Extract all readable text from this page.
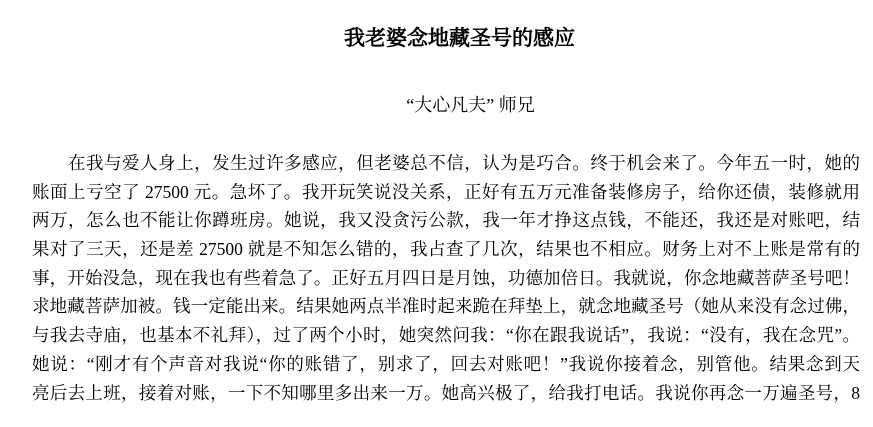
我老婆念地藏圣号的感应
“大心凡夫” 师兄
在我与爱人身上，发生过许多感应，但老婆总不信，认为是巧合。终于机会来了。今年五一时，她的
账面上亏空了 27500 元。急坏了。我开玩笑说没关系，正好有五万元准备装修房子，给你还债，装修就用
两万，怎么也不能让你蹲班房。她说，我又没贪污公款，我一年才挣这点钱，不能还，我还是对账吧，结
果对了三天，还是差 27500 就是不知怎么错的，我占查了几次，结果也不相应。财务上对不上账是常有的
事，开始没急，现在我也有些着急了。正好五月四日是月蚀，功德加倍日。我就说，你念地藏菩萨圣号吧！
求地藏菩萨加被。钱一定能出来。结果她两点半准时起来跪在拜垫上，就念地藏圣号（她从来没有念过佛，
与我去寺庙，也基本不礼拜），过了两个小时，她突然问我：“你在跟我说话”，我说：“没有，我在念咒”。
她说：“刚才有个声音对我说“你的账错了，别求了，回去对账吧！”我说你接着念，别管他。结果念到天
亮后去上班，接着对账，一下不知哪里多出来一万。她高兴极了，给我打电话。我说你再念一万遍圣号，8
